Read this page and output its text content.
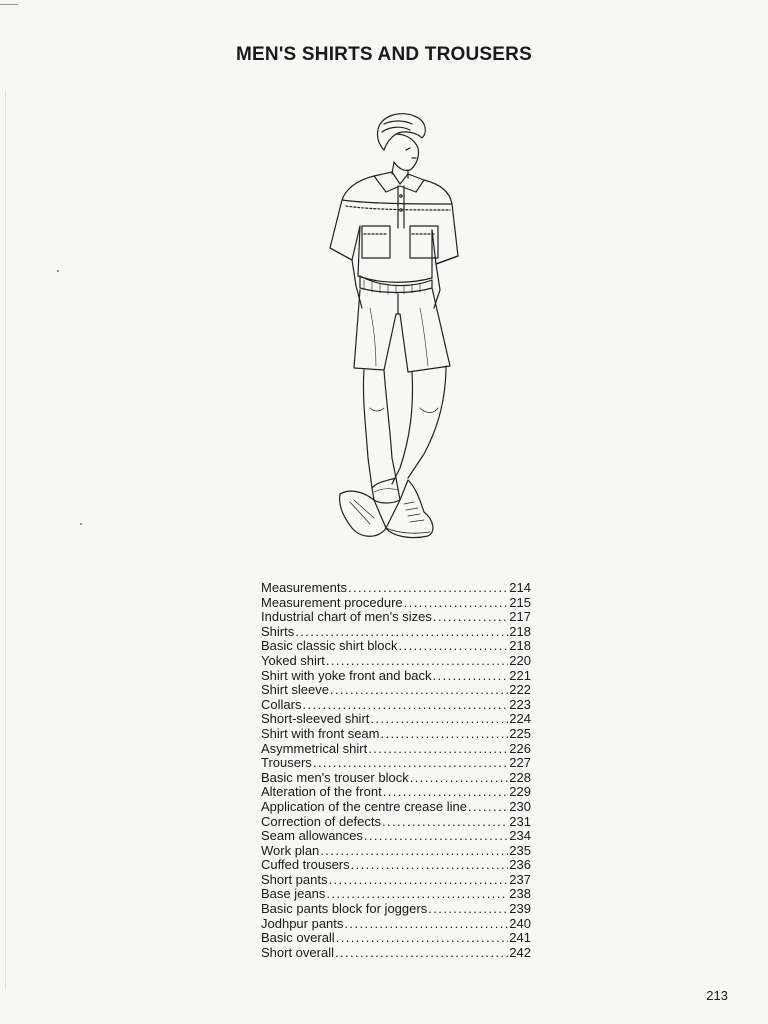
MEN'S SHIRTS AND TROUSERS
Measurements .....	214
Measurement procedure .....	215
Industrial chart of men's sizes .....	217
Shirts .....	218
Basic classic shirt block .....	218
Yoked shirt .....	220
Shirt with yoke front and back .....	221
Shirt sleeve .....	222
Collars .....	223
Short-sleeved shirt .....	224
Shirt with front seam .....	225
Asymmetrical shirt .....	226
Trousers .....	227
Basic men's trouser block .....	228
Alteration of the front .....	229
Application of the centre crease line .....	230
Correction of defects .....	231
Seam allowances .....	234
Work plan .....	235
Cuffed trousers .....	236
Short pants .....	237
Base jeans .....	238
Basic pants block for joggers .....	239
Jodhpur pants .....	240
Basic overall .....	241
Short overall .....	242
213
